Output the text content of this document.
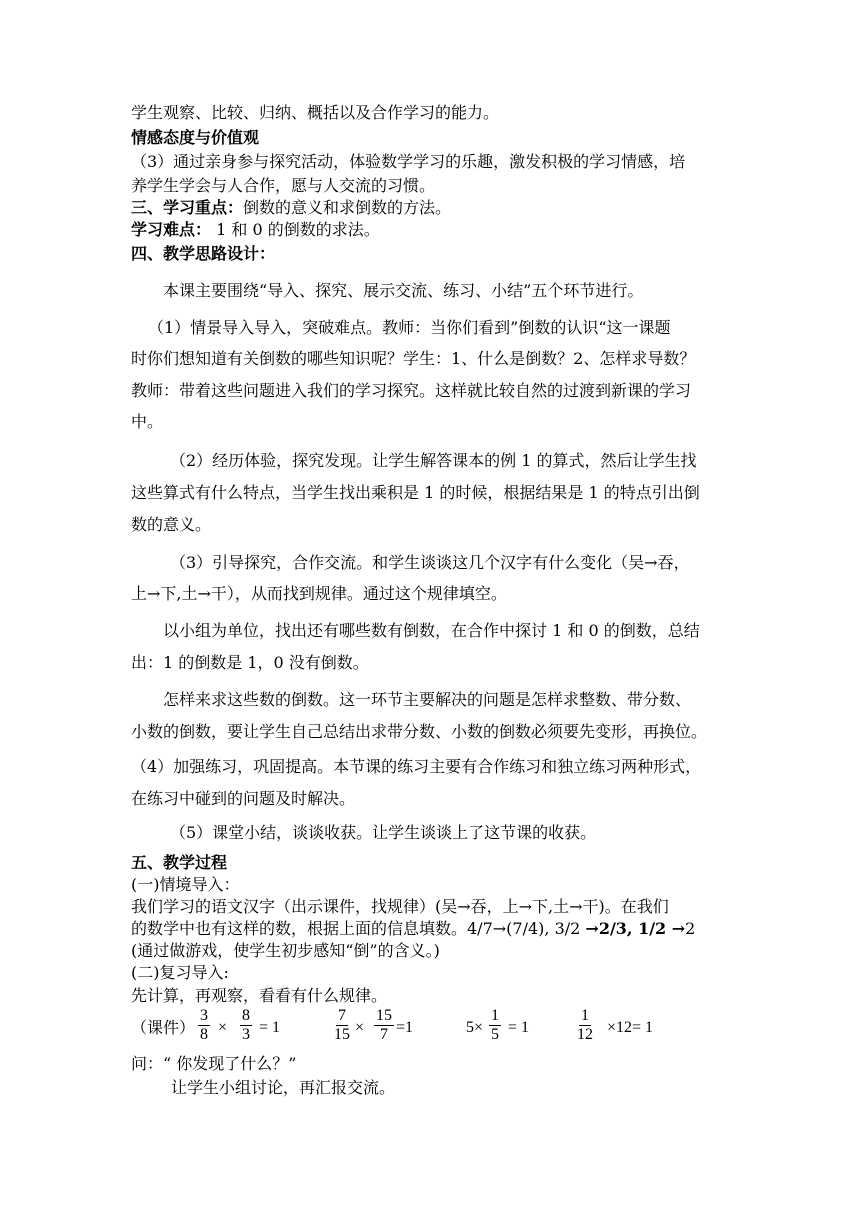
学生观察、比较、归纳、概括以及合作学习的能力。
情感态度与价值观
（3）通过亲身参与探究活动，体验数学学习的乐趣，激发积极的学习情感，培
养学生学会与人合作，愿与人交流的习惯。
三、学习重点：倒数的意义和求倒数的方法。
学习难点： 1 和 0 的倒数的求法。
四、教学思路设计：
本课主要围绕“导入、探究、展示交流、练习、小结”五个环节进行。
（1）情景导入导入，突破难点。教师：当你们看到”倒数的认识“这一课题
时你们想知道有关倒数的哪些知识呢？学生：1、什么是倒数？2、怎样求导数？
教师：带着这些问题进入我们的学习探究。这样就比较自然的过渡到新课的学习
中。
（2）经历体验，探究发现。让学生解答课本的例 1 的算式，然后让学生找
这些算式有什么特点，当学生找出乘积是 1 的时候，根据结果是 1 的特点引出倒
数的意义。
（3）引导探究，合作交流。和学生谈谈这几个汉字有什么变化（吴→吞，
上→下,土→干），从而找到规律。通过这个规律填空。
以小组为单位，找出还有哪些数有倒数，在合作中探讨 1 和 0 的倒数，总结
出：1 的倒数是 1，0 没有倒数。
怎样来求这些数的倒数。这一环节主要解决的问题是怎样求整数、带分数、
小数的倒数，要让学生自己总结出求带分数、小数的倒数必须要先变形，再换位。
（4）加强练习，巩固提高。本节课的练习主要有合作练习和独立练习两种形式，
在练习中碰到的问题及时解决。
（5）课堂小结，谈谈收获。让学生谈谈上了这节课的收获。
五、教学过程
(一)情境导入：
我们学习的语文汉字（出示课件，找规律）(吴→吞，上→下,土→干)。在我们
的数学中也有这样的数，根据上面的信息填数。4/7→(7/4), 3/2 →2/3, 1/2 →2
(通过做游戏，使学生初步感知“倒”的含义。)
(二)复习导入:
先计算，再观察，看看有什么规律。
（课件） $\frac{3}{8} \times \frac{8}{3} = 1$	$\frac{7}{15} \times \frac{15}{7} =1$	$5\times \frac{1}{5} = 1$	$\frac{1}{12} \times 12= 1$
问：“ 你发现了什么？”
让学生小组讨论，再汇报交流。
